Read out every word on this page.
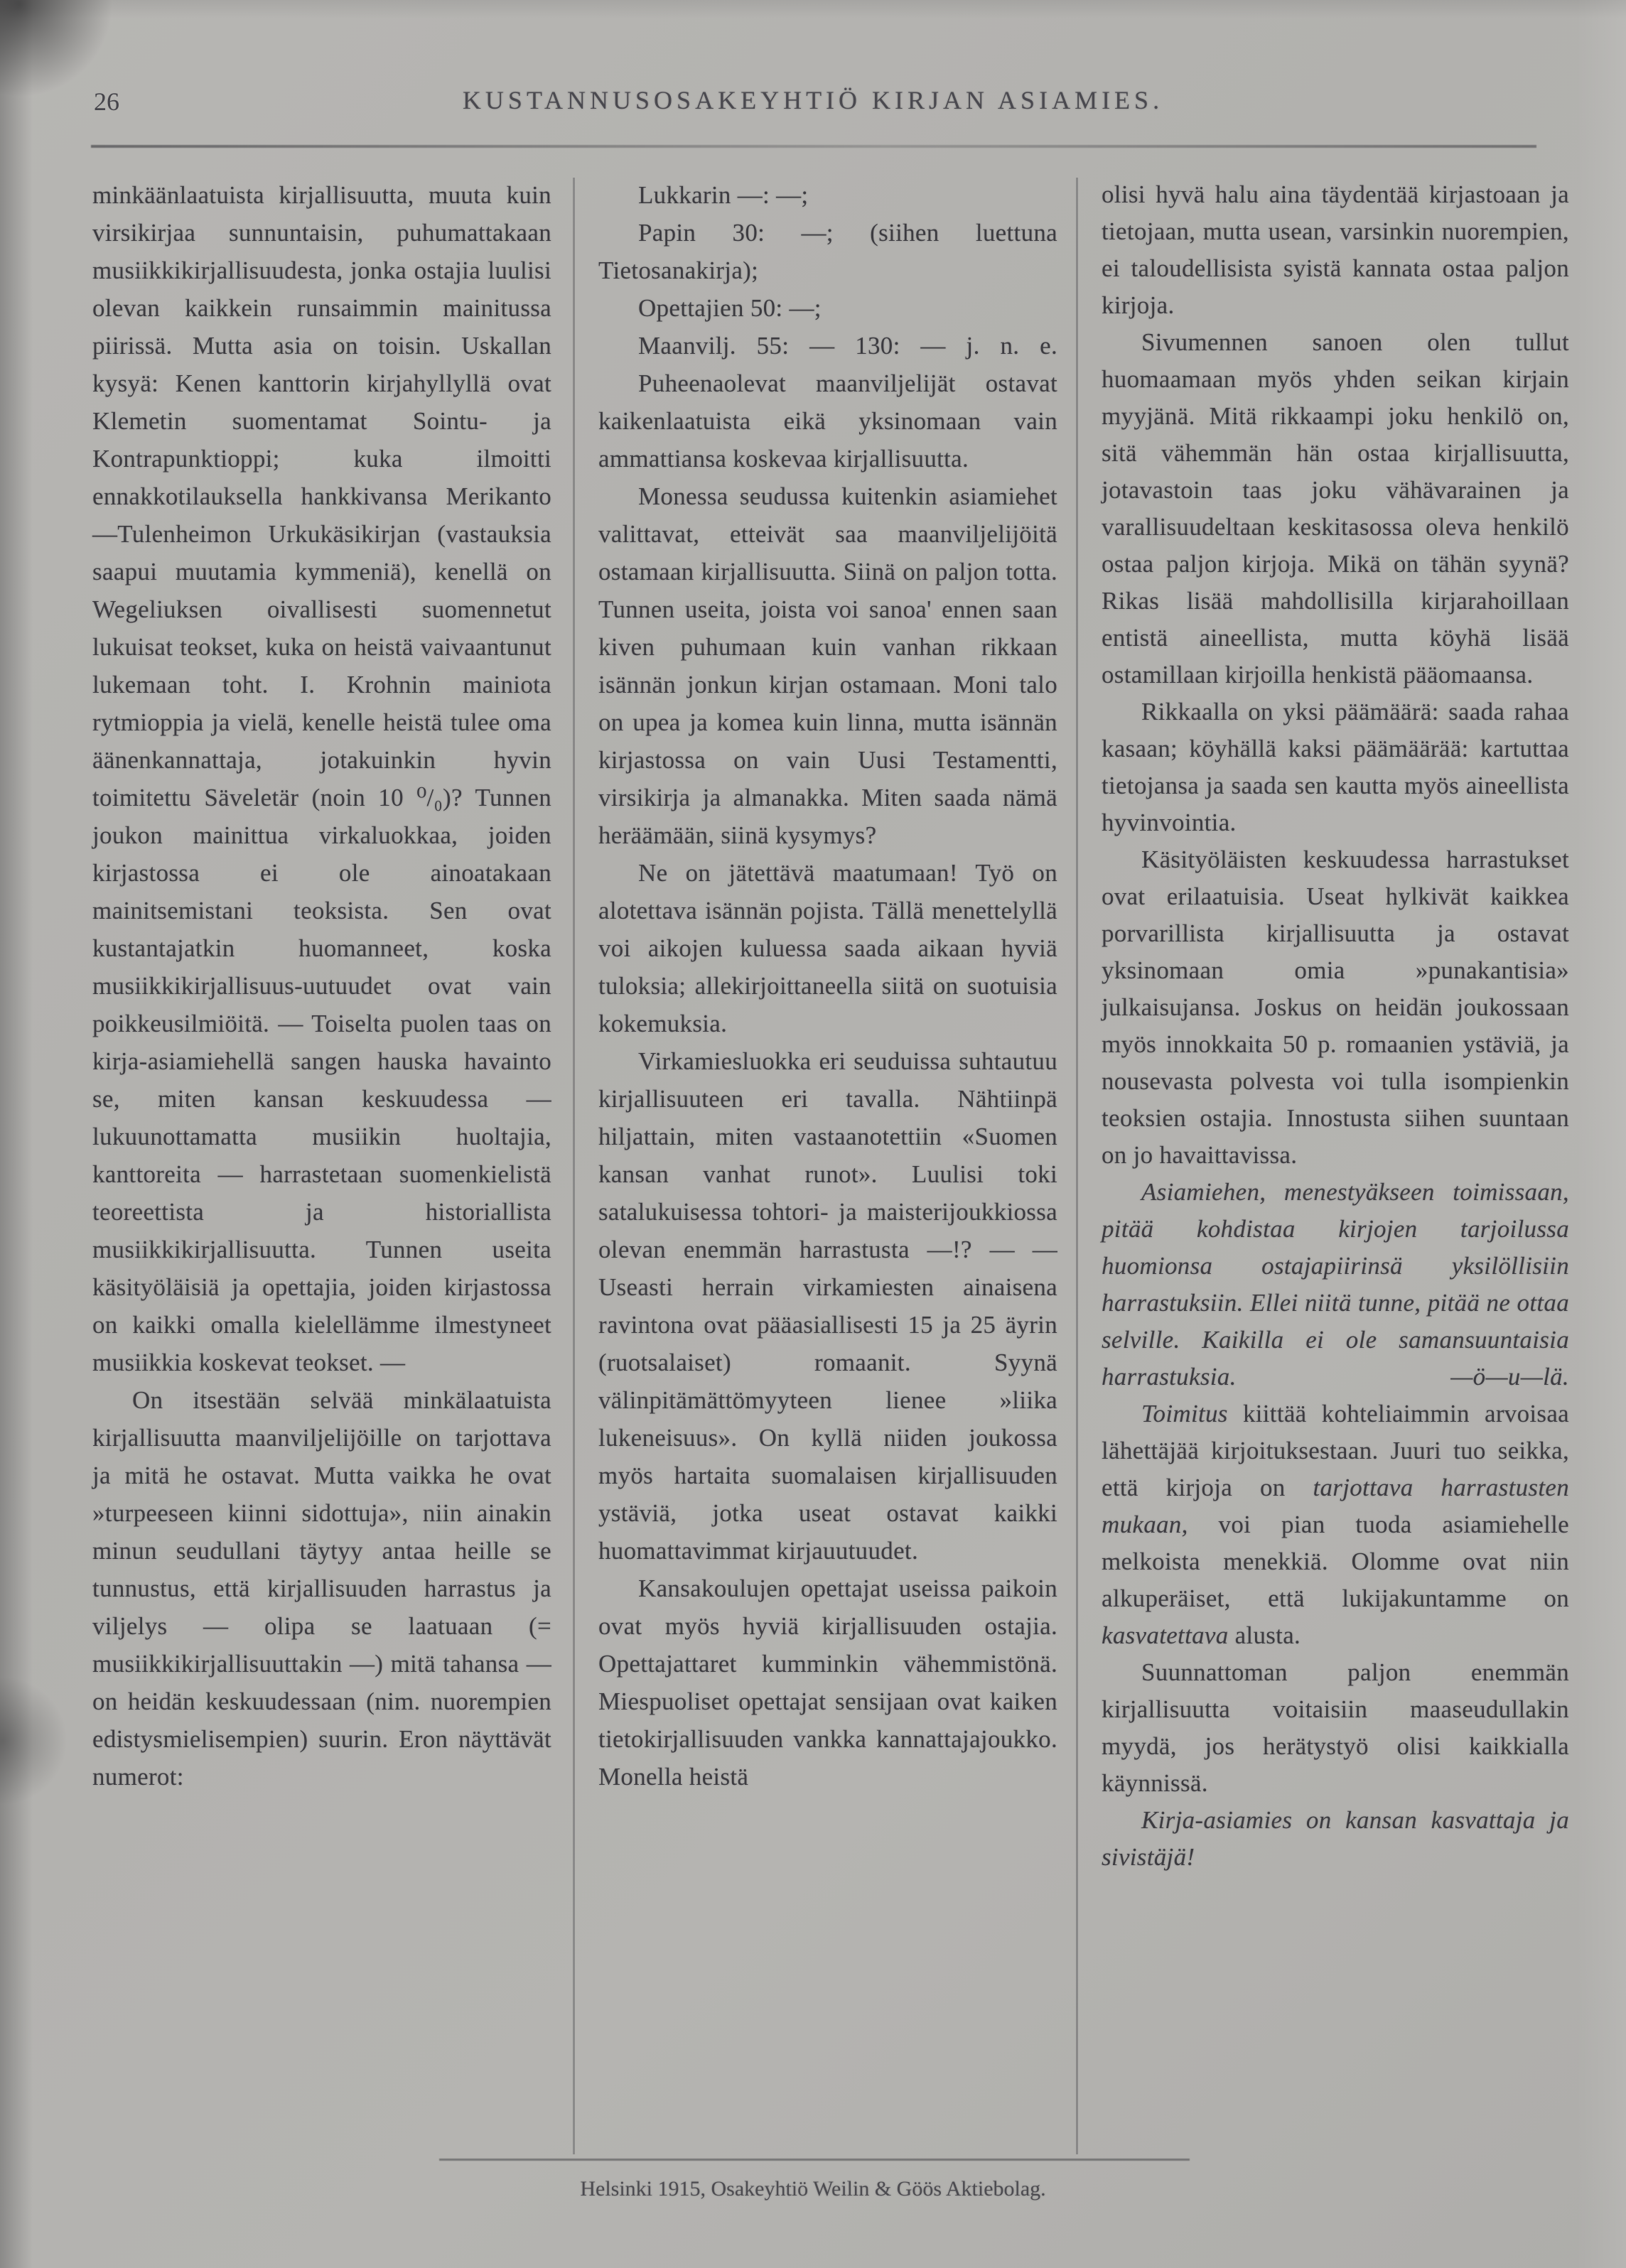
26	KUSTANNUSOSAKEYHTIÖ KIRJAN ASIAMIES.

minkäänlaatuista kirjallisuutta, muuta kuin virsikirjaa sunnuntaisin, puhumattakaan musiikkikirjallisuudesta, jonka ostajia luulisi olevan kaikkein runsaimmin mainitussa piirissä. Mutta asia on toisin. Uskallan kysyä: Kenen kanttorin kirjahyllyllä ovat Klemetin suomentamat Sointu- ja Kontrapunktioppi; kuka ilmoitti ennakkotilauksella hankkivansa Merikanto—Tulenheimon Urkukäsikirjan (vastauksia saapui muutamia kymmeniä), kenellä on Wegeliuksen oivallisesti suomennetut lukuisat teokset, kuka on heistä vaivaantunut lukemaan toht. I. Krohnin mainiota rytmioppia ja vielä, kenelle heistä tulee oma äänenkannattaja, jotakuinkin hyvin toimitettu Säveletär (noin 10 ⁰/₀)? Tunnen joukon mainittua virkaluokkaa, joiden kirjastossa ei ole ainoatakaan mainitsemistani teoksista. Sen ovat kustantajatkin huomanneet, koska musiikkikirjallisuus-uutuudet ovat vain poikkeusilmiöitä. — Toiselta puolen taas on kirja-asiamiehellä sangen hauska havainto se, miten kansan keskuudessa — lukuunottamatta musiikin huoltajia, kanttoreita — harrastetaan suomenkielistä teoreettista ja historiallista musiikkikirjallisuutta. Tunnen useita käsityöläisiä ja opettajia, joiden kirjastossa on kaikki omalla kielellämme ilmestyneet musiikkia koskevat teokset. —

On itsestään selvää minkälaatuista kirjallisuutta maanviljelijöille on tarjottava ja mitä he ostavat. Mutta vaikka he ovat »turpeeseen kiinni sidottuja», niin ainakin minun seudullani täytyy antaa heille se tunnustus, että kirjallisuuden harrastus ja viljelys — olipa se laatuaan (= musiikkikirjallisuuttakin —) mitä tahansa — on heidän keskuudessaan (nim. nuorempien edistysmielisempien) suurin. Eron näyttävät numerot:

Lukkarin —: —;

Papin 30: —; (siihen luettuna Tietosanakirja);

Opettajien 50: —;

Maanvilj. 55: — 130: — j. n. e.

Puheenaolevat maanviljelijät ostavat kaikenlaatuista eikä yksinomaan vain ammattiansa koskevaa kirjallisuutta.

Monessa seudussa kuitenkin asiamiehet valittavat, etteivät saa maanviljelijöitä ostamaan kirjallisuutta. Siinä on paljon totta. Tunnen useita, joista voi sanoa' ennen saan kiven puhumaan kuin vanhan rikkaan isännän jonkun kirjan ostamaan. Moni talo on upea ja komea kuin linna, mutta isännän kirjastossa on vain Uusi Testamentti, virsikirja ja almanakka. Miten saada nämä heräämään, siinä kysymys?

Ne on jätettävä maatumaan! Työ on alotettava isännän pojista. Tällä menettelyllä voi aikojen kuluessa saada aikaan hyviä tuloksia; allekirjoittaneella siitä on suotuisia kokemuksia.

Virkamiesluokka eri seuduissa suhtautuu kirjallisuuteen eri tavalla. Nähtiinpä hiljattain, miten vastaanotettiin «Suomen kansan vanhat runot». Luulisi toki satalukuisessa tohtori- ja maisterijoukkiossa olevan enemmän harrastusta —!? — — Useasti herrain virkamiesten ainaisena ravintona ovat pääasiallisesti 15 ja 25 äyrin (ruotsalaiset) romaanit. Syynä välinpitämättömyyteen lienee »liika lukeneisuus». On kyllä niiden joukossa myös hartaita suomalaisen kirjallisuuden ystäviä, jotka useat ostavat kaikki huomattavimmat kirjauutuudet.

Kansakoulujen opettajat useissa paikoin ovat myös hyviä kirjallisuuden ostajia. Opettajattaret kumminkin vähemmistönä. Miespuoliset opettajat sensijaan ovat kaiken tietokirjallisuuden vankka kannattajajoukko. Monella heistä

olisi hyvä halu aina täydentää kirjastoaan ja tietojaan, mutta usean, varsinkin nuorempien, ei taloudellisista syistä kannata ostaa paljon kirjoja.

Sivumennen sanoen olen tullut huomaamaan myös yhden seikan kirjain myyjänä. Mitä rikkaampi joku henkilö on, sitä vähemmän hän ostaa kirjallisuutta, jotavastoin taas joku vähävarainen ja varallisuudeltaan keskitasossa oleva henkilö ostaa paljon kirjoja. Mikä on tähän syynä? Rikas lisää mahdollisilla kirjarahoillaan entistä aineellista, mutta köyhä lisää ostamillaan kirjoilla henkistä pääomaansa.

Rikkaalla on yksi päämäärä: saada rahaa kasaan; köyhällä kaksi päämäärää: kartuttaa tietojansa ja saada sen kautta myös aineellista hyvinvointia.

Käsityöläisten keskuudessa harrastukset ovat erilaatuisia. Useat hylkivät kaikkea porvarillista kirjallisuutta ja ostavat yksinomaan omia »punakantisia» julkaisujansa. Joskus on heidän joukossaan myös innokkaita 50 p. romaanien ystäviä, ja nousevasta polvesta voi tulla isompienkin teoksien ostajia. Innostusta siihen suuntaan on jo havaittavissa.

Asiamiehen, menestyäkseen toimissaan, pitää kohdistaa kirjojen tarjoilussa huomionsa ostajapiirinsä yksilöllisiin harrastuksiin. Ellei niitä tunne, pitää ne ottaa selville. Kaikilla ei ole samansuuntaisia harrastuksia.	—ö—u—lä.

Toimitus kiittää kohteliaimmin arvoisaa lähettäjää kirjoituksestaan. Juuri tuo seikka, että kirjoja on tarjottava harrastusten mukaan, voi pian tuoda asiamiehelle melkoista menekkiä. Olomme ovat niin alkuperäiset, että lukijakuntamme on kasvatettava alusta.

Suunnattoman paljon enemmän kirjallisuutta voitaisiin maaseudullakin myydä, jos herätystyö olisi kaikkialla käynnissä.

Kirja-asiamies on kansan kasvattaja ja sivistäjä!

Helsinki 1915, Osakeyhtiö Weilin & Göös Aktiebolag.
